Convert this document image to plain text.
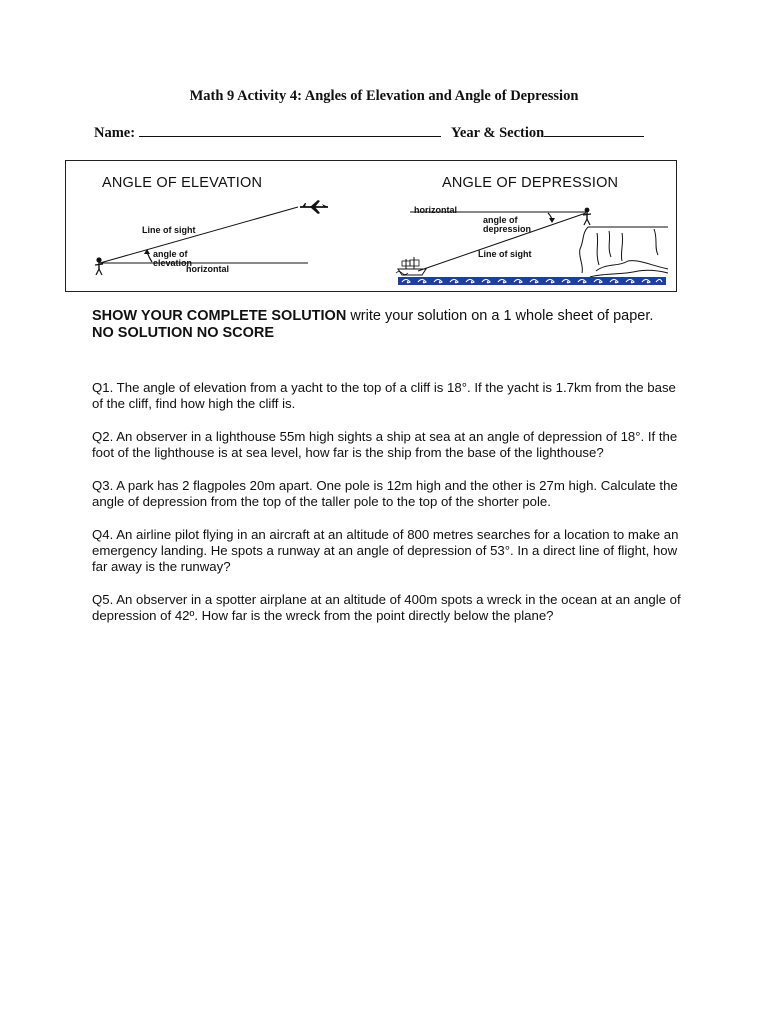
Math 9 Activity 4: Angles of Elevation and Angle of Depression
Name:	Year & Section
ANGLE OF ELEVATION	ANGLE OF DEPRESSION
Line of sight
angle of
elevation
horizontal
horizontal
angle of
depression
Line of sight
SHOW YOUR COMPLETE SOLUTION write your solution on a 1 whole sheet of paper. NO SOLUTION NO SCORE

Q1. The angle of elevation from a yacht to the top of a cliff is 18°. If the yacht is 1.7km from the base of the cliff, find how high the cliff is.

Q2. An observer in a lighthouse 55m high sights a ship at sea at an angle of depression of 18°. If the foot of the lighthouse is at sea level, how far is the ship from the base of the lighthouse?

Q3. A park has 2 flagpoles 20m apart. One pole is 12m high and the other is 27m high. Calculate the angle of depression from the top of the taller pole to the top of the shorter pole.

Q4. An airline pilot flying in an aircraft at an altitude of 800 metres searches for a location to make an emergency landing. He spots a runway at an angle of depression of 53°. In a direct line of flight, how far away is the runway?

Q5. An observer in a spotter airplane at an altitude of 400m spots a wreck in the ocean at an angle of depression of 42º. How far is the wreck from the point directly below the plane?
